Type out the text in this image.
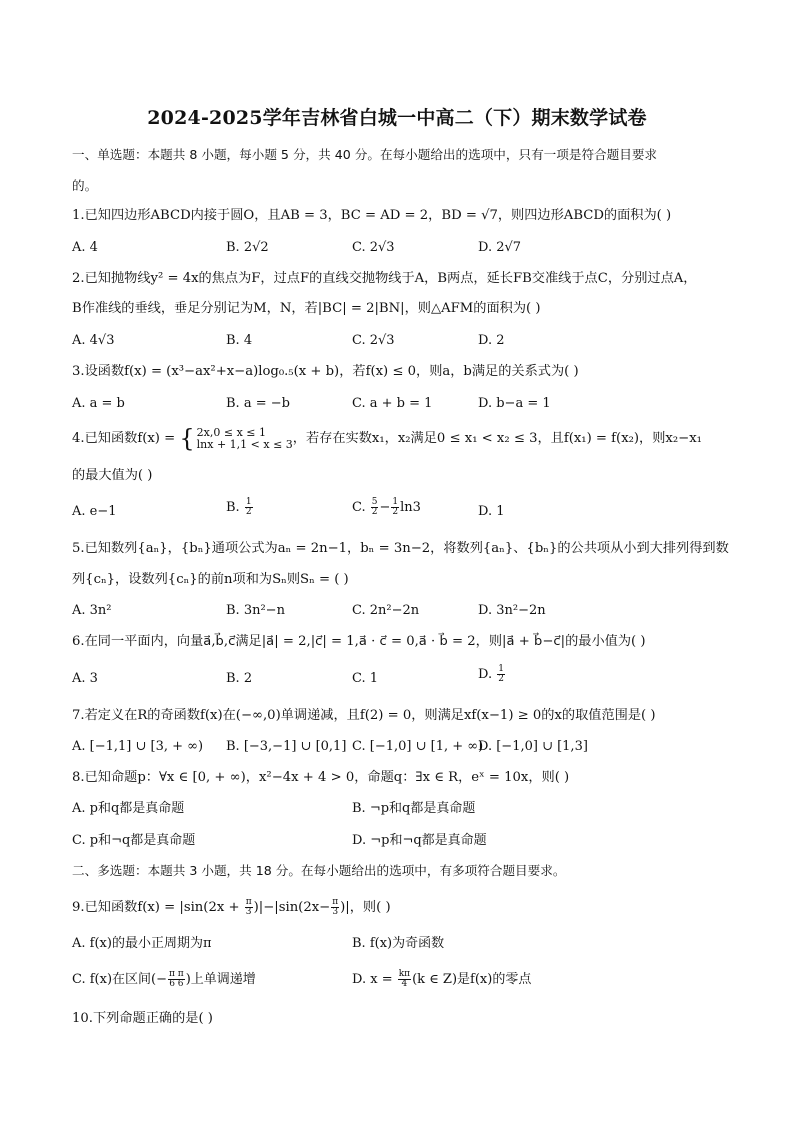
2024-2025学年吉林省白城一中高二（下）期末数学试卷
一、单选题：本题共 8 小题，每小题 5 分，共 40 分。在每小题给出的选项中，只有一项是符合题目要求
的。
1.已知四边形ABCD内接于圆O，且AB = 3，BC = AD = 2，BD = √7，则四边形ABCD的面积为( )
A. 4	B. 2√2	C. 2√3	D. 2√7
2.已知抛物线y² = 4x的焦点为F，过点F的直线交抛物线于A，B两点，延长FB交准线于点C，分别过点A，
B作准线的垂线，垂足分别记为M，N，若|BC| = 2|BN|，则△AFM的面积为( )
A. 4√3	B. 4	C. 2√3	D. 2
3.设函数f(x) = (x³−ax²+x−a)log₀.₅(x + b)，若f(x) ≤ 0，则a，b满足的关系式为( )
A. a = b	B. a = −b	C. a + b = 1	D. b−a = 1
4.已知函数f(x) = { 2x,0 ≤ x ≤ 1
lnx + 1,1 < x ≤ 3 ，若存在实数x₁，x₂满足0 ≤ x₁ < x₂ ≤ 3，且f(x₁) = f(x₂)，则x₂−x₁
的最大值为( )
A. e−1	B. $\frac{1}{2}$	C. $\frac{5}{2} - \frac{1}{2} \ln 3$	D. 1
5.已知数列{aₙ}，{bₙ}通项公式为aₙ = 2n−1，bₙ = 3n−2，将数列{aₙ}、{bₙ}的公共项从小到大排列得到数
列{cₙ}，设数列{cₙ}的前n项和为Sₙ则Sₙ = ( )
A. 3n²	B. 3n²−n	C. 2n²−2n	D. 3n²−2n
6.在同一平面内，向量a⃗,b⃗,c⃗满足|a⃗| = 2,|c⃗| = 1,a⃗ · c⃗ = 0,a⃗ · b⃗ = 2，则|a⃗ + b⃗−c⃗|的最小值为( )
A. 3	B. 2	C. 1	D. $\frac{1}{2}$
7.若定义在R的奇函数f(x)在(−∞,0)单调递减，且f(2) = 0，则满足xf(x−1) ≥ 0的x的取值范围是( )
A. [−1,1] ∪ [3, + ∞) B. [−3,−1] ∪ [0,1] C. [−1,0] ∪ [1, + ∞)
D. [−1,0] ∪ [1,3]
8.已知命题p：∀x ∈ [0, + ∞)，x²−4x + 4 > 0，命题q：∃x ∈ R，eˣ = 10x，则( )
A. p和q都是真命题	B. ¬p和q都是真命题
C. p和¬q都是真命题	D. ¬p和¬q都是真命题
二、多选题：本题共 3 小题，共 18 分。在每小题给出的选项中，有多项符合题目要求。
9.已知函数$f(x) = |\sin(2x + \frac{\pi}{3} )|-|\sin(2x- \frac{\pi}{3}$ )|，则( )
A. f(x)的最小正周期为π	B. f(x)为奇函数
C. f(x)在区间(− $\frac{\text{π π}}{6 6}$ )上单调递增	D. $x = \frac{k\pi}{4} (k$ ∈ Z)是f(x)的零点
10.下列命题正确的是( )
